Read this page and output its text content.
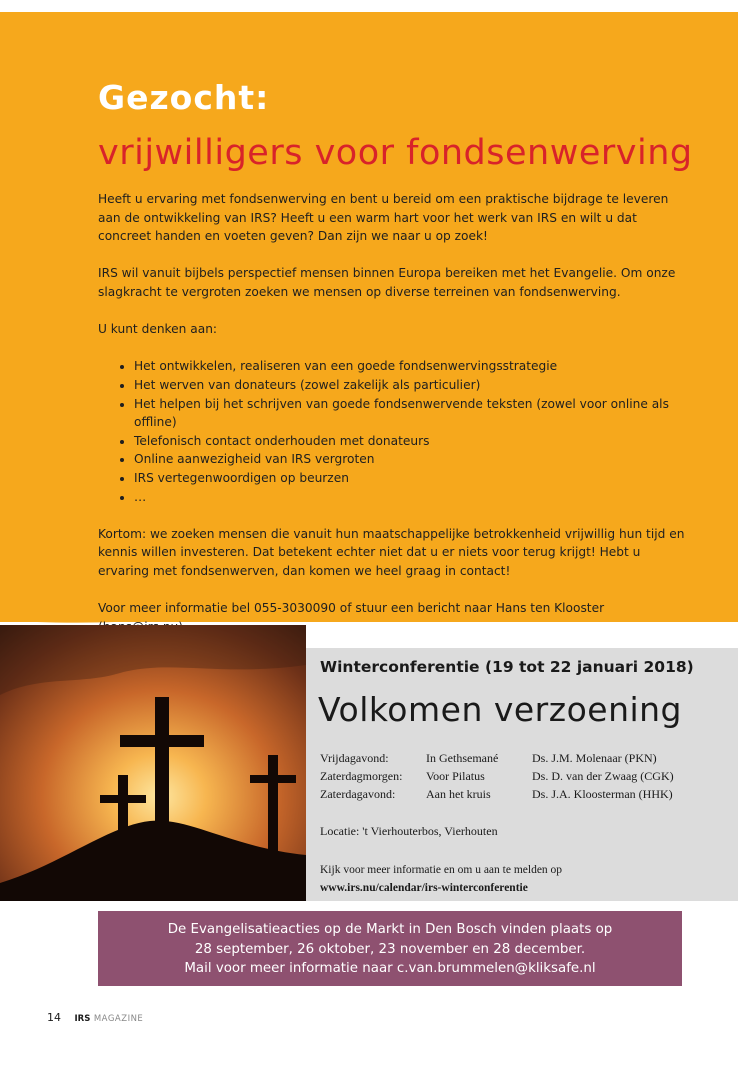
Gezocht:
vrijwilligers voor fondsenwerving

Heeft u ervaring met fondsenwerving en bent u bereid om een praktische bijdrage te leveren aan de ontwikkeling van IRS? Heeft u een warm hart voor het werk van IRS en wilt u dat concreet handen en voeten geven? Dan zijn we naar u op zoek!

IRS wil vanuit bijbels perspectief mensen binnen Europa bereiken met het Evangelie. Om onze slagkracht te vergroten zoeken we mensen op diverse terreinen van fondsenwerving.

U kunt denken aan:

• Het ontwikkelen, realiseren van een goede fondsenwervingsstrategie
• Het werven van donateurs (zowel zakelijk als particulier)
• Het helpen bij het schrijven van goede fondsenwervende teksten (zowel voor online als offline)
• Telefonisch contact onderhouden met donateurs
• Online aanwezigheid van IRS vergroten
• IRS vertegenwoordigen op beurzen
• …

Kortom: we zoeken mensen die vanuit hun maatschappelijke betrokkenheid vrijwillig hun tijd en kennis willen investeren. Dat betekent echter niet dat u er niets voor terug krijgt! Hebt u ervaring met fondsenwerven, dan komen we heel graag in contact!

Voor meer informatie bel 055-3030090 of stuur een bericht naar Hans ten Klooster

Winterconferentie (19 tot 22 januari 2018)
Volkomen verzoening
Vrijdagavond:	In Gethsemané	Ds. J.M. Molenaar (PKN)
Zaterdagmorgen:	Voor Pilatus	Ds. D. van der Zwaag (CGK)
Zaterdagavond:	Aan het kruis	Ds. J.A. Kloosterman (HHK)
Locatie: 't Vierhouterbos, Vierhouten
Kijk voor meer informatie en om u aan te melden op
www.irs.nu/calendar/irs-winterconferentie
De Evangelisatieacties op de Markt in Den Bosch vinden plaats op
28 september, 26 oktober, 23 november en 28 december.
Mail voor meer informatie naar c.van.brummelen@kliksafe.nl
14 IRS MAGAZINE
